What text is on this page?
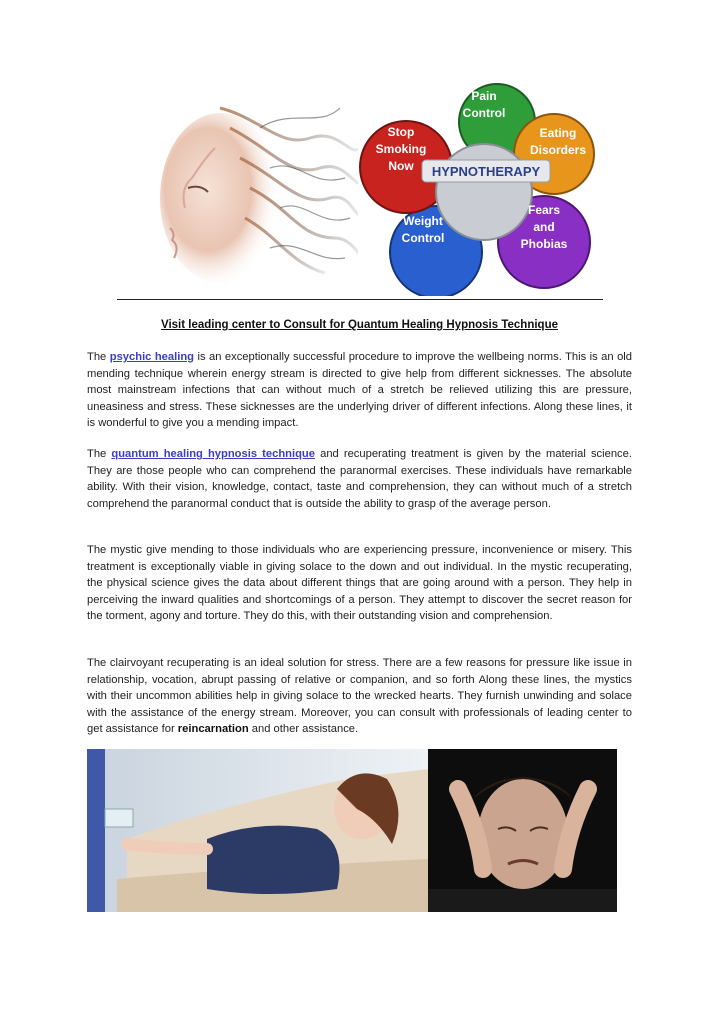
HYPNOTHERAPY
Pain
Control
Eating
Disorders
Fears
and
Phobias
Weight
Control
Stop
Smoking
Now
Visit leading center to Consult for Quantum Healing Hypnosis Technique

The psychic healing is an exceptionally successful procedure to improve the wellbeing norms. This is an old mending technique wherein energy stream is directed to give help from different sicknesses. The absolute most mainstream infections that can without much of a stretch be relieved utilizing this are pressure, uneasiness and stress. These sicknesses are the underlying driver of different infections. Along these lines, it is wonderful to give you a mending impact.

The quantum healing hypnosis technique and recuperating treatment is given by the material science. They are those people who can comprehend the paranormal exercises. These individuals have remarkable ability. With their vision, knowledge, contact, taste and comprehension, they can without much of a stretch comprehend the paranormal conduct that is outside the ability to grasp of the average person.

The mystic give mending to those individuals who are experiencing pressure, inconvenience or misery. This treatment is exceptionally viable in giving solace to the down and out individual. In the mystic recuperating, the physical science gives the data about different things that are going around with a person. They help in perceiving the inward qualities and shortcomings of a person. They attempt to discover the secret reason for the torment, agony and torture. They do this, with their outstanding vision and comprehension.

The clairvoyant recuperating is an ideal solution for stress. There are a few reasons for pressure like issue in relationship, vocation, abrupt passing of relative or companion, and so forth Along these lines, the mystics with their uncommon abilities help in giving solace to the wrecked hearts. They furnish unwinding and solace with the assistance of the energy stream. Moreover, you can consult with professionals of leading center to get assistance for reincarnation and other assistance.
